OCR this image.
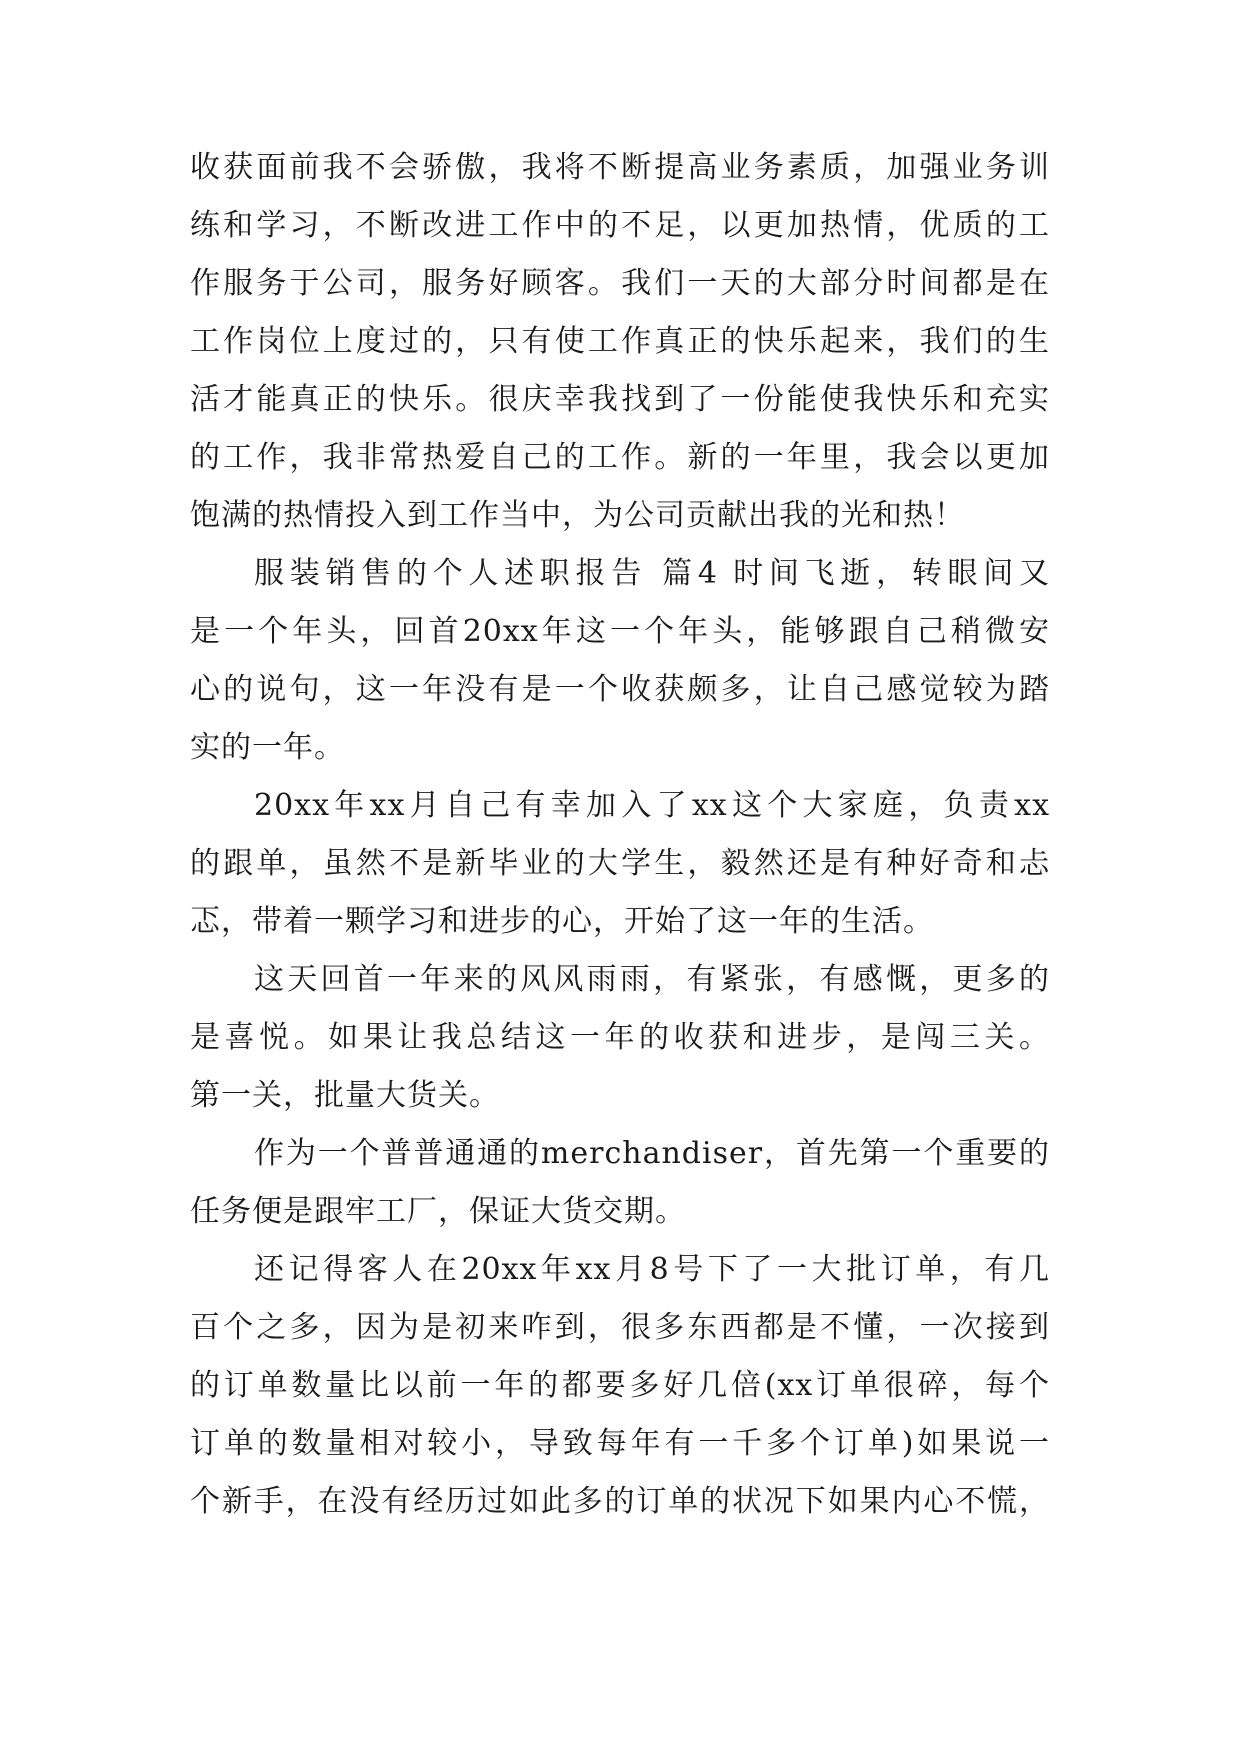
收获面前我不会骄傲，我将不断提高业务素质，加强业务训
练和学习，不断改进工作中的不足，以更加热情，优质的工
作服务于公司，服务好顾客。我们一天的大部分时间都是在
工作岗位上度过的，只有使工作真正的快乐起来，我们的生
活才能真正的快乐。很庆幸我找到了一份能使我快乐和充实
的工作，我非常热爱自己的工作。新的一年里，我会以更加
饱满的热情投入到工作当中，为公司贡献出我的光和热！
服装销售的个人述职报告 篇4 时间飞逝，转眼间又
是一个年头，回首20xx年这一个年头，能够跟自己稍微安
心的说句，这一年没有是一个收获颇多，让自己感觉较为踏
实的一年。
20xx年xx月自己有幸加入了xx这个大家庭，负责xx
的跟单，虽然不是新毕业的大学生，毅然还是有种好奇和忐
忑，带着一颗学习和进步的心，开始了这一年的生活。
这天回首一年来的风风雨雨，有紧张，有感慨，更多的
是喜悦。如果让我总结这一年的收获和进步，是闯三关。
第一关，批量大货关。
作为一个普普通通的merchandiser，首先第一个重要的
任务便是跟牢工厂，保证大货交期。
还记得客人在20xx年xx月8号下了一大批订单，有几
百个之多，因为是初来咋到，很多东西都是不懂，一次接到
的订单数量比以前一年的都要多好几倍(xx订单很碎，每个
订单的数量相对较小，导致每年有一千多个订单)如果说一
个新手，在没有经历过如此多的订单的状况下如果内心不慌，
